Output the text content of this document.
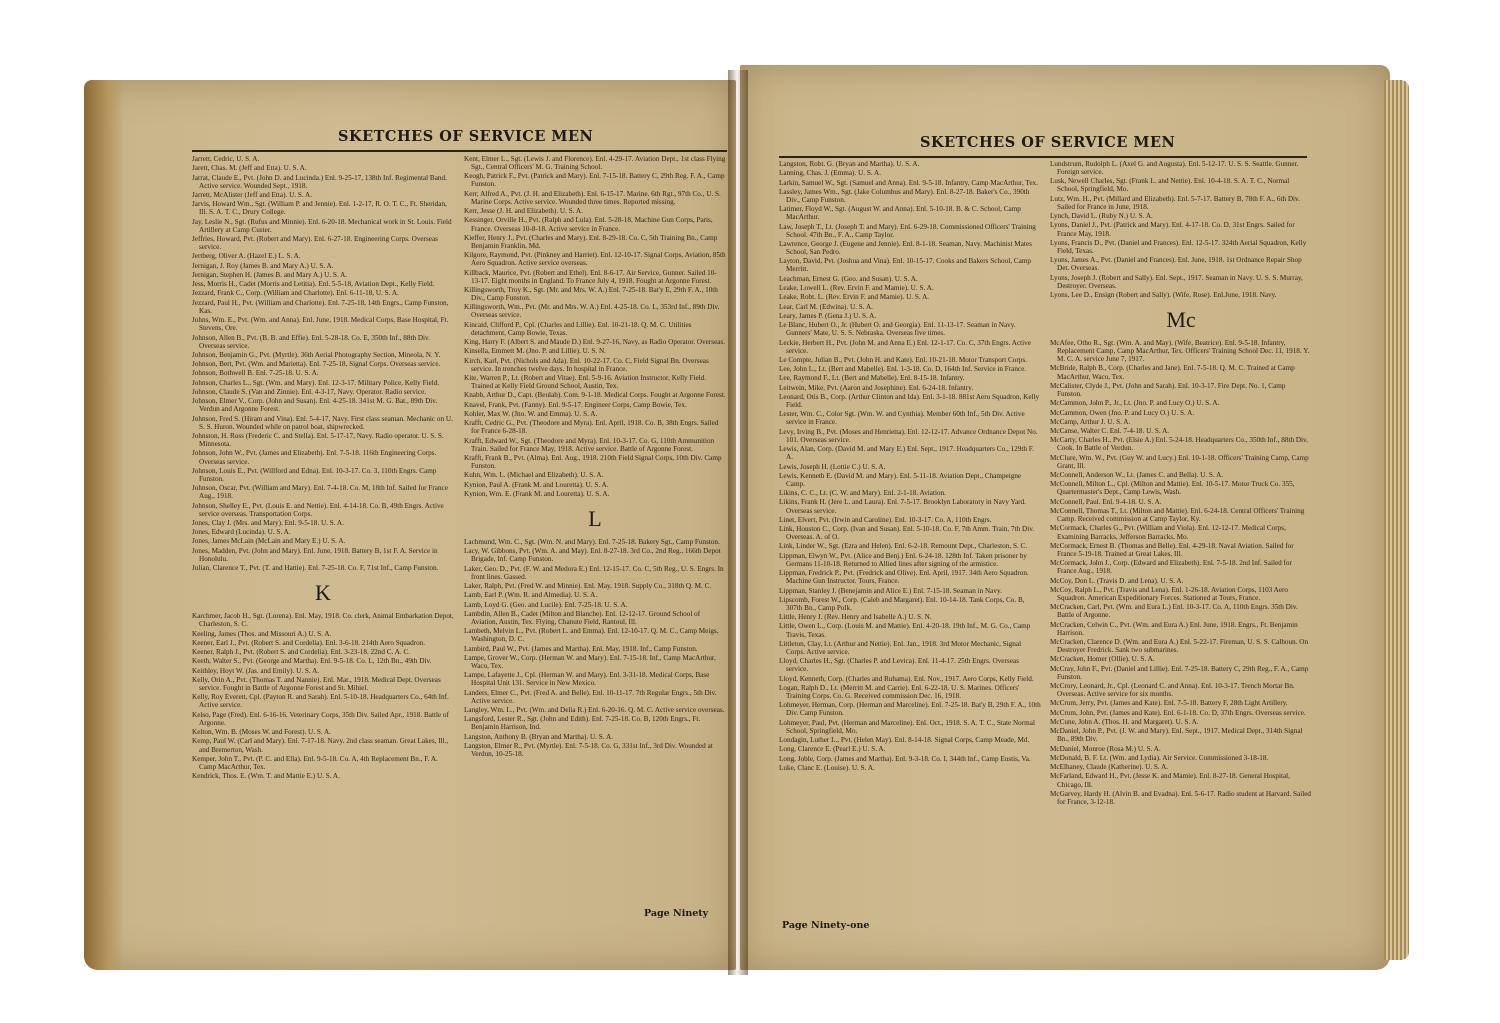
SKETCHES OF SERVICE MEN	SKETCHES OF SERVICE MEN
Jarrett, Cedric, U. S. A.
Jarett, Chas. M. (Jeff and Etta). U. S. A.
Jarrat, Claude E., Pvt. (John D. and Lucinda.) Enl. 9-25-17, 138th Inf. Regimental Band. Active service. Wounded Sept., 1918.
Jarrett, McAlister (Jeff and Etta). U. S. A.
Jarvis, Howard Wm., Sgt. (William P. and Jennie). Enl. 1-2-17, R. O. T. C., Ft. Sheridan, Ill. S. A. T. C., Drury College.
Jay, Leslie N., Sgt. (Rufus and Minnie). Enl. 6-20-18. Mechanical work in St. Louis. Field Artillery at Camp Custer.
Jeffries, Howard, Pvt. (Robert and Mary). Enl. 6-27-18. Engineering Corps. Overseas service.
Jertberg, Oliver A. (Hazel E.) L. S. A.
Jernigan, J. Roy (James B. and Mary A.) U. S. A.
Jernigan, Stephen H. (James B. and Mary A.) U. S. A.
Jess, Morris H., Cadet (Morris and Letitia). Enl. 5-5-18, Aviation Dept., Kelly Field.
Jezzard, Frank C., Corp. (William and Charlotte). Enl. 6-11-18, U. S. A.
Jezzard, Paul H., Pvt. (William and Charlotte). Enl. 7-25-18, 14th Engrs., Camp Funston, Kas.
Johns, Wm. E., Pvt. (Wm. and Anna). Enl. June, 1918. Medical Corps, Base Hospital, Ft. Stevens, Ore.
Johnson, Allen B., Pvt. (B. B. and Effie). Enl. 5-28-18. Co. E, 350th Inf., 88th Div. Overseas service.
Johnson, Benjamin G., Pvt. (Myrtle). 36th Aerial Photography Section, Mineola, N. Y.
Johnson, Bert, Pvt. (Wm. and Marietta). Enl. 7-25-18, Signal Corps. Overseas service.
Johnson, Bothwell B. Enl. 7-25-18. U. S. A.
Johnson, Charles L., Sgt. (Wm. and Mary). Enl. 12-3-17. Military Police, Kelly Field.
Johnson, Claude S. (Van and Zinnie). Enl. 4-3-17, Navy. Operator. Radio service.
Johnson, Elmer V., Corp. (John and Susan). Enl. 4-25-18. 341st M. G. Bat., 89th Div. Verdun and Argonne Forest.
Johnson, Fred S. (Hiram and Vina). Enl. 5-4-17, Navy. First class seaman. Mechanic on U. S. S. Huron. Wounded while on patrol boat, shipwrecked.
Johnston, H. Ross (Frederic C. and Stella). Enl. 5-17-17, Navy. Radio operator. U. S. S. Minnesota.
Johnson, John W., Pvt. (James and Elizabeth). Enl. 7-5-18. 116th Engineering Corps. Overseas service.
Johnson, Louis E., Pvt. (Willford and Edna). Enl. 10-3-17. Co. 3, 110th Engrs. Camp Funston.
Johnson, Oscar, Pvt. (William and Mary). Enl. 7-4-18. Co. M, 18th Inf. Sailed for France Aug., 1918.
Johnson, Shelley E., Pvt. (Louis E. and Nettie). Enl. 4-14-18. Co. B, 49th Engrs. Active service overseas. Transportation Corps.
Jones, Clay J. (Mrs. and Mary). Enl. 9-5-18. U. S. A.
Jones, Edward (Lucinda). U. S. A.
Jones, James McLain (McLain and Mary E.) U. S. A.
Jones, Madden, Pvt. (John and Mary). Enl. June, 1918. Battery B, 1st F. A. Service in Honolulu.
Julian, Clarence T., Pvt. (T. and Hattie). Enl. 7-25-18. Co. F, 71st Inf., Camp Funston.
K
Karchmer, Jacob H., Sgt. (Lorena). Enl. May, 1918. Co. clerk, Animal Embarkation Depot, Charleston, S. C.
Keeling, James (Thos. and Missouri A.) U. S. A.
Keener, Earl J., Pvt. (Robert S. and Cordelia). Enl. 3-6-18. 214th Aero Squadron.
Keener, Ralph J., Pvt. (Robert S. and Cordelia). Enl. 3-23-18. 22nd C. A. C.
Keeth, Walter S., Pvt. (George and Martha). Enl. 9-5-18. Co. L, 12th Bn., 49th Div.
Keithley, Hoyt W. (Jas. and Emily). U. S. A.
Kelly, Orin A., Pvt. (Thomas T. and Nannie). Enl. Mar., 1918. Medical Dept. Overseas service. Fought in Battle of Argonne Forest and St. Mihiel.
Kelly, Roy Everett, Cpl. (Payton R. and Sarah). Enl. 5-10-18. Headquarters Co., 64th Inf. Active service.
Kelso, Page (Fred). Enl. 6-16-16. Veterinary Corps, 35th Div. Sailed Apr., 1918. Battle of Argonne.
Kelton, Wm. B. (Moses W. and Forest). U. S. A.
Kemp, Paul W. (Carl and Mary). Enl. 7-17-18. Navy. 2nd class seaman. Great Lakes, Ill., and Bremerton, Wash.
Kemper, John T., Pvt. (P. C. and Ella). Enl. 9-5-18. Co. A, 4th Replacement Bn., F. A. Camp MacArthur, Tex.
Kendrick, Thos. E. (Wm. T. and Mattie E.) U. S. A.
Kent, Elmer L., Sgt. (Lewis J. and Florence). Enl. 4-29-17. Aviation Dept., 1st class Flying Sgt., Central Officers' M. G. Training School.
Keogh, Patrick F., Pvt. (Patrick and Mary). Enl. 7-15-18. Battery C, 29th Reg. F. A., Camp Funston.
Kerr, Alfred A., Pvt. (J. H. and Elizabeth). Enl. 6-15-17. Marine. 6th Rgt., 97th Co., U. S. Marine Corps. Active service. Wounded three times. Reported missing.
Kerr, Jesse (J. H. and Elizabeth). U. S. A.
Kessinger, Orville H., Pvt. (Ralph and Lula). Enl. 5-28-18. Machine Gun Corps, Paris, France. Overseas 10-8-18. Active service in France.
Kieffer, Henry J., Pvt. (Charles and Mary). Enl. 8-29-18. Co. C, 5th Training Bn., Camp Benjamin Franklin, Md.
Kilgore, Raymond, Pvt. (Pinkney and Harriet). Enl. 12-10-17. Signal Corps, Aviation, 85th Aero Squadron. Active service overseas.
Killback, Maurice, Pvt. (Robert and Ethel). Enl. 8-6-17. Air Service, Gunner. Sailed 10-13-17. Eight months in England. To France July 4, 1918. Fought at Argonne Forest.
Killingsworth, Troy K., Sgt. (Mr. and Mrs. W. A.) Enl. 7-25-18. Bat'y E, 29th F. A., 10th Div., Camp Funston.
Killingsworth, Wm., Pvt. (Mr. and Mrs. W. A.) Enl. 4-25-18. Co. L, 353rd Inf., 89th Div. Overseas service.
Kincaid, Clifford P., Cpl. (Charles and Lillie). Enl. 10-21-18. Q. M. C. Utilities detachment, Camp Bowie, Texas.
King, Harry F. (Albert S. and Maude D.) Enl. 9-27-16, Navy, as Radio Operator. Overseas.
Kinsella, Emmett M. (Jno. P. and Lillie). U. S. N.
Kirch, Karl, Pvt. (Nichols and Ada). Enl. 10-22-17. Co. C, Field Signal Bn. Overseas service. In trenches twelve days. In hospital in France.
Kite, Warren P., Lt. (Robert and Vitae). Enl. 5-9-16. Aviation Instructor, Kelly Field. Trained at Kelly Field Ground School, Austin, Tex.
Knabb, Arthur D., Capt. (Beulah). Com. 9-1-18. Medical Corps. Fought at Argonne Forest.
Knavel, Frank, Pvt. (Fanny). Enl. 9-5-17. Engineer Corps, Camp Bowie, Tex.
Kohler, Max W. (Jno. W. and Emma). U. S. A.
Krafft, Cedric G., Pvt. (Theodore and Myra). Enl. April, 1918. Co. B, 38th Engrs. Sailed for France 6-28-18.
Krafft, Edward W., Sgt. (Theodore and Myra). Enl. 10-3-17. Co. G, 110th Ammunition Train. Sailed for France May, 1918. Active service. Battle of Argonne Forest.
Krafft, Frank B., Pvt. (Alma). Enl. Aug., 1918. 210th Field Signal Corps, 10th Div. Camp Funston.
Kuhn, Wm. L. (Michael and Elizabeth). U. S. A.
Kynion, Paul A. (Frank M. and Louretta). U. S. A.
Kynion, Wm. E. (Frank M. and Louretta). U. S. A.
L
Lachmund, Wm. C., Sgt. (Wm. N. and Mary). Enl. 7-25-18. Bakery Sgt., Camp Funston.
Lacy, W. Gibbons, Pvt. (Wm. A. and May). Enl. 8-27-18. 3rd Co., 2nd Reg., 166th Depot Brigade, Inf. Camp Funston.
Laker, Geo. D., Pvt. (F. W. and Medora E.) Enl. 12-15-17. Co. C, 5th Reg., U. S. Engrs. In front lines. Gassed.
Laker, Ralph, Pvt. (Fred W. and Minnie). Enl. May, 1918. Supply Co., 318th Q. M. C.
Lamb, Earl P. (Wm. R. and Almedia). U. S. A.
Lamb, Loyd G. (Geo. and Lucile). Enl. 7-25-18. U. S. A.
Lambdin, Allen B., Cadet (Milton and Blanche). Enl. 12-12-17. Ground School of Aviation, Austin, Tex. Flying, Chanute Field, Rantoul, Ill.
Lambeth, Melvin L., Pvt. (Robert L. and Emma). Enl. 12-10-17. Q. M. C., Camp Meigs, Washington, D. C.
Lambird, Paul W., Pvt. (James and Martha). Enl. May, 1918. Inf., Camp Funston.
Lampe, Grover W., Corp. (Herman W. and Mary). Enl. 7-15-18. Inf., Camp MacArthur, Waco, Tex.
Lampe, Lafayette J., Cpl. (Herman W. and Mary). Enl. 3-31-18. Medical Corps, Base Hospital Unit 131. Service in New Mexico.
Landers, Elmer C., Pvt. (Fred A. and Belle). Enl. 10-11-17. 7th Regular Engrs., 5th Div. Active service.
Langley, Wm. L., Pvt. (Wm. and Delia R.) Enl. 6-20-16. Q. M. C. Active service overseas.
Langsford, Lester R., Sgt. (John and Edith). Enl. 7-25-18. Co. B, 120th Engrs., Ft. Benjamin Harrison, Ind.
Langston, Anthony B. (Bryan and Martha). U. S. A.
Langston, Elmer R., Pvt. (Myrtle). Enl. 7-5-18. Co. G, 331st Inf., 3rd Div. Wounded at Verdun, 10-25-18.
Langston, Robt. G. (Bryan and Martha). U. S. A.
Lanning, Chas. J. (Emma). U. S. A.
Larkin, Samuel W., Sgt. (Samuel and Anna). Enl. 9-5-18. Infantry, Camp MacArthur, Tex.
Lassley, James Wm., Sgt. (Jake Columbus and Mary). Enl. 8-27-18. Baker's Co., 390th Div., Camp Funston.
Latimer, Floyd W., Sgt. (August W. and Anna). Enl. 5-10-18. B. & C. School, Camp MacArthur.
Law, Joseph T., Lt. (Joseph T. and Mary). Enl. 6-29-18. Commissioned Officers' Training School. 47th Bn., F. A., Camp Taylor.
Lawrence, George J. (Eugene and Jennie). Enl. 8-1-18. Seaman, Navy. Machinist Mates School, San Pedro.
Layton, David, Pvt. (Joshua and Vina). Enl. 10-15-17. Cooks and Bakers School, Camp Merritt.
Leachman, Ernest G. (Geo. and Susan). U. S. A.
Leake, Lowell L. (Rev. Ervin F. and Mamie). U. S. A.
Leake, Robt. L. (Rev. Ervin F. and Mamie). U. S. A.
Lear, Carl M. (Edwina). U. S. A.
Leary, James P. (Gena J.) U. S. A.
Le Blanc, Hubert O., Jr. (Hubert O. and Georgia). Enl. 11-13-17. Seaman in Navy. Gunners' Mate, U. S. S. Nebraska. Overseas five times.
Leckie, Herbert H., Pvt. (John M. and Anna E.) Enl. 12-1-17. Co. C, 37th Engrs. Active service.
Le Compte, Julian B., Pvt. (John H. and Kate). Enl. 10-21-18. Motor Transport Corps.
Lee, John L., Lt. (Bert and Mabelle). Enl. 1-3-18. Co. D, 164th Inf. Service in France.
Lee, Raymond F., Lt. (Bert and Mabelle). Enl. 8-15-18. Infantry.
Leitwein, Mike, Pvt. (Aaron and Josephine). Enl. 6-24-18. Infantry.
Leonard, Otis B., Corp. (Arthur Clinton and Ida). Enl. 3-1-18. 881st Aero Squadron, Kelly Field.
Lester, Wm. C., Color Sgt. (Wm. W. and Cynthia). Member 60th Inf., 5th Div. Active service in France.
Levy, Irving B., Pvt. (Moses and Henrietta). Enl. 12-12-17. Advance Ordnance Depot No. 101. Overseas service.
Lewis, Alan, Corp. (David M. and Mary E.) Enl. Sept., 1917. Headquarters Co., 129th F. A.
Lewis, Joseph H. (Lottie C.) U. S. A.
Lewis, Kenneth E. (David M. and Mary). Enl. 5-11-18. Aviation Dept., Champeigne Camp.
Likins, C. C., Lt. (C. W. and Mary). Enl. 2-1-18. Aviation.
Likins, Frank H. (Jere L. and Laura). Enl. 7-5-17. Brooklyn Laboratory in Navy Yard. Overseas service.
Linet, Elvert, Pvt. (Irwin and Caroline). Enl. 10-3-17. Co. A, 110th Engrs.
Link, Houston C., Corp. (Ivan and Susan). Enl. 5-10-18. Co. F, 7th Amm. Train, 7th Div. Overseas. A. of O.
Link, Linder W., Sgt. (Ezra and Helen). Enl. 6-2-18. Remount Dept., Charleston, S. C.
Lippman, Elwyn W., Pvt. (Alice and Benj.) Enl. 6-24-18. 128th Inf. Taken prisoner by Germans 11-10-18. Returned to Allied lines after signing of the armistice.
Lippman, Fredrick P., Pvt. (Fredrick and Olive). Enl. April, 1917. 34th Aero Squadron. Machine Gun Instructor. Tours, France.
Lippman, Stanley J. (Benejamin and Alice E.) Enl. 7-15-18. Seaman in Navy.
Lipscomb, Forest W., Corp. (Caleb and Margaret). Enl. 10-14-18. Tank Corps, Co. B, 307th Bn., Camp Polk.
Little, Henry J. (Rev. Henry and Isabelle A.) U. S. N.
Little, Owen L., Corp. (Louis M. and Mattie). Enl. 4-20-18. 19th Inf., M. G. Co., Camp Travis, Texas.
Littleton, Clay, Lt. (Arthur and Nettie). Enl. Jan., 1918. 3rd Motor Mechanic, Signal Corps. Active service.
Lloyd, Charles H., Sgt. (Charles P. and Levica). Enl. 11-4-17. 25th Engrs. Overseas service.
Lloyd, Kenneth, Corp. (Charles and Ruhama). Enl. Nov., 1917. Aero Corps, Kelly Field.
Logan, Ralph D., Lt. (Merritt M. and Carrie). Enl. 6-22-18. U. S. Marines. Officers' Training Corps. Co. G. Received commission Dec. 16, 1918.
Lohmeyer, Herman, Corp. (Herman and Marceline). Enl. 7-25-18. Bat'y B, 29th F. A., 10th Div. Camp Funston.
Lohmeyer, Paul, Pvt. (Herman and Marceline). Enl. Oct., 1918. S. A. T. C., State Normal School, Springfield, Mo.
Londagin, Luther L., Pvt. (Helen May). Enl. 8-14-18. Signal Corps, Camp Meade, Md.
Long, Clarence E. (Pearl E.) U. S. A.
Long, Joble, Corp. (James and Martha). Enl. 9-3-18. Co. I, 344th Inf., Camp Eustis, Va.
Luke, Clanc E. (Louise). U. S. A.
Lundstrum, Rudolph L. (Axel G. and Augusta). Enl. 5-12-17. U. S. S. Seattle. Gunner. Foreign service.
Lusk, Newell Charles, Sgt. (Frank L. and Nettie). Enl. 10-4-18. S. A. T. C., Normal School, Springfield, Mo.
Lutz, Wm. H., Pvt. (Millard and Elizabeth). Enl. 5-7-17. Battery B, 78th F. A., 6th Div. Sailed for France in June, 1918.
Lynch, David L. (Ruby N.) U. S. A.
Lyons, Daniel J., Pvt. (Patrick and Mary). Enl. 4-17-18. Co. D, 31st Engrs. Sailed for France May, 1918.
Lyons, Francis D., Pvt. (Daniel and Frances). Enl. 12-5-17. 324th Aerial Squadron, Kelly Field, Texas.
Lyons, James A., Pvt. (Daniel and Frances). Enl. June, 1918. 1st Ordnance Repair Shop Det. Overseas.
Lyons, Joseph J. (Robert and Sally). Enl. Sept., 1917. Seaman in Navy. U. S. S. Murray, Destroyer. Overseas.
Lyons, Lee D., Ensign (Robert and Sally). (Wife, Rose). Enl.June, 1918. Navy.
Mc
McAfee, Otho R., Sgt. (Wm. A. and May). (Wife, Beatrice). Enl. 9-5-18. Infantry, Replacement Camp, Camp MacArthur, Tex. Officers' Training School Dec. 11, 1918. Y. M. C. A. service June 7, 1917.
McBride, Ralph B., Corp. (Charles and Jane). Enl. 7-5-18. Q. M. C. Trained at Camp MacArthur, Waco, Tex.
McCalister, Clyde J., Pvt. (John and Sarah). Enl. 10-3-17. Fire Dept. No. 1, Camp Funston.
McCammon, John P., Jr., Lt. (Jno. P. and Lucy O.) U. S. A.
McCammon, Owen (Jno. P. and Lucy O.) U. S. A.
McCamp, Arthur J. U. S. A.
McCanse, Walter C. Enl. 7-4-18. U. S. A.
McCarty, Charles H., Pvt. (Elsie A.) Enl. 5-24-18. Headquarters Co., 350th Inf., 88th Div. Cook. In Battle of Verdun.
McClure, Wm. W., Pvt. (Guy W. and Lucy.) Enl. 10-1-18. Officers' Training Camp, Camp Grant, Ill.
McConnell, Anderson W., Lt. (James C. and Bella). U. S. A.
McConnell, Milton L., Cpl. (Milton and Mattie). Enl. 10-5-17. Motor Truck Co. 355, Quartermaster's Dept., Camp Lewis, Wash.
McConnell, Paul. Enl. 9-4-18. U. S. A.
McConnell, Thomas T., Lt. (Milton and Mattie). Enl. 6-24-18. Central Officers' Training Camp. Received commission at Camp Taylor, Ky.
McCormack, Charles G., Pvt. (William and Viola). Enl. 12-12-17. Medical Corps, Examining Barracks, Jefferson Barracks, Mo.
McCormack, Ernest B. (Thomas and Belle). Enl. 4-29-18. Naval Aviation. Sailed for France 5-19-18. Trained at Great Lakes, Ill.
McCormack, John J., Corp. (Edward and Elizabeth). Enl. 7-5-18. 2nd Inf. Sailed for France Aug., 1918.
McCoy, Don L. (Travis D. and Lena). U. S. A.
McCoy, Ralph L., Pvt. (Travis and Lena). Enl. 1-26-18. Aviation Corps, 1103 Aero Squadron. American Expeditionary Forces. Stationed at Tours, France.
McCracken, Carl, Pvt. (Wm. and Eura L.) Enl. 10-3-17. Co. A, 110th Engrs. 35th Div. Battle of Argonne.
McCracken, Celwin C., Pvt. (Wm. and Eura A.) Enl. June, 1918. Engrs., Ft. Benjamin Harrison.
McCracken, Clarence D. (Wm. and Eura A.) Enl. 5-22-17. Fireman, U. S. S. Calhoun. On Destroyer Fredrick. Sank two submarines.
McCracken, Homer (Ollie). U. S. A.
McCray, John F., Pvt. (Daniel and Lillie). Enl. 7-25-18. Battery C, 29th Reg., F. A., Camp Funston.
McCrory, Leonard, Jr., Cpl. (Leonard C. and Anna). Enl. 10-3-17. Trench Mortar Bn. Overseas. Active service for six months.
McCrum, Jerry, Pvt. (James and Kate). Enl. 7-5-18. Battery F, 28th Light Artillery.
McCrum, John, Pvt. (James and Kate). Enl. 6-1-18. Co. D, 37th Engrs. Overseas service.
McCune, John A. (Thos. H. and Margaret). U. S. A.
McDaniel, John P., Pvt. (J. W. and Mary). Enl. Sept., 1917. Medical Dept., 314th Signal Bn., 89th Div.
McDaniel, Monroe (Rosa M.) U. S. A.
McDonald, B. F. Lt. (Wm. and Lydia). Air Service. Commissioned 3-18-18.
McElhaney, Claude (Katherine). U. S. A.
McFarland, Edward H., Pvt. (Jesse K. and Mamie). Enl. 8-27-18. General Hospital, Chicago, Ill.
McGarvey, Hardy H. (Alvin B. and Evadna). Enl. 5-6-17. Radio student at Harvard. Sailed for France, 3-12-18.
Page Ninety
Page Ninety-one
